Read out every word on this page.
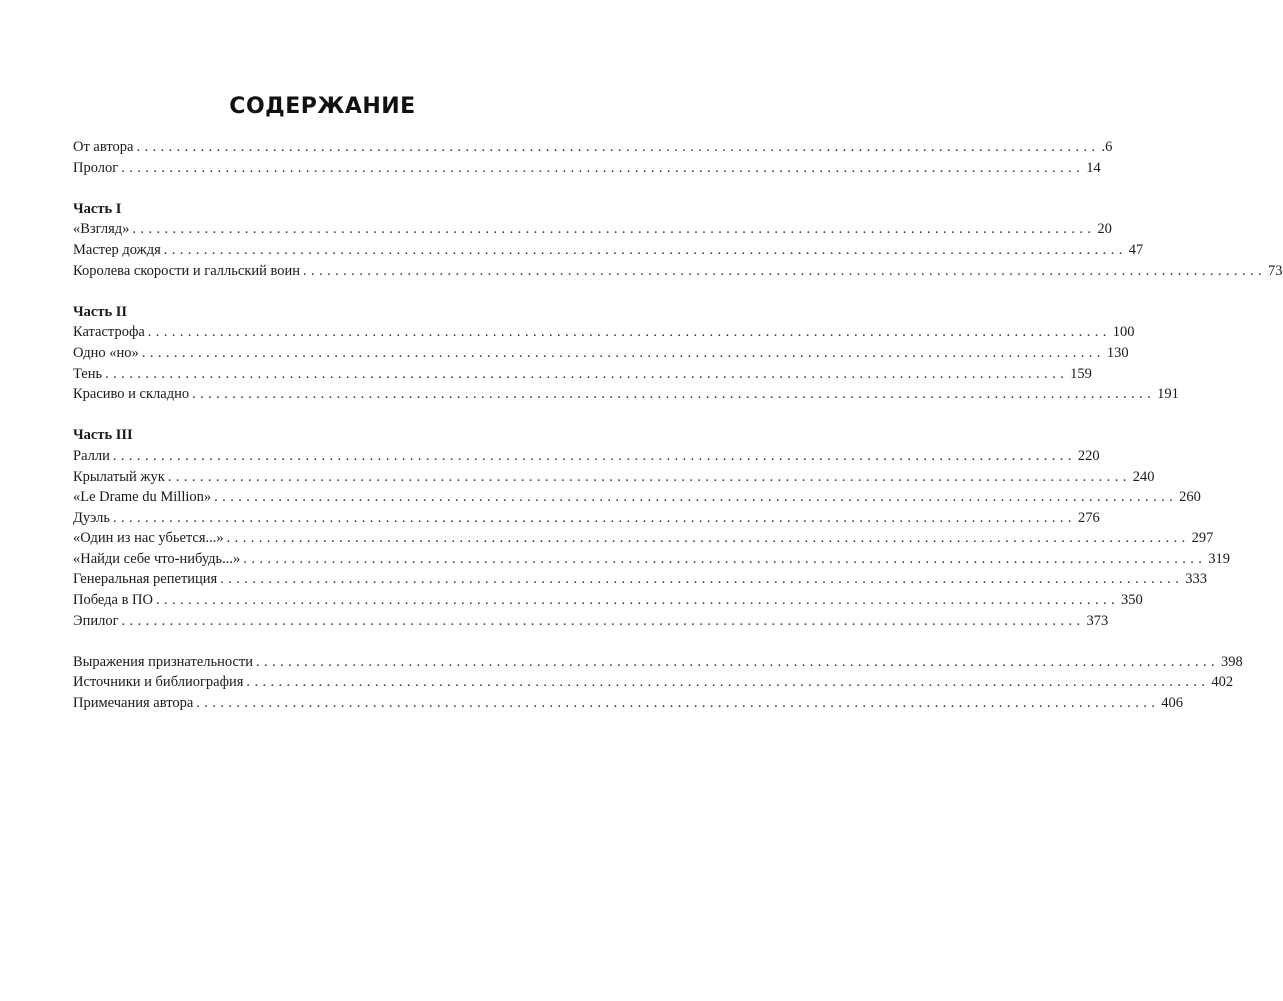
СОДЕРЖАНИЕ
От автора ........................................................................................................................ .6
Пролог ........................................................................................................................ 14
Часть I
«Взгляд» ........................................................................................................................ 20
Мастер дождя ........................................................................................................................ 47
Королева скорости и галльский воин ........................................................................................................................ 73
Часть II
Катастрофа ........................................................................................................................ 100
Одно «но» ........................................................................................................................ 130
Тень ........................................................................................................................ 159
Красиво и складно ........................................................................................................................ 191
Часть III
Ралли ........................................................................................................................ 220
Крылатый жук ........................................................................................................................ 240
«Le Drame du Million» ........................................................................................................................ 260
Дуэль ........................................................................................................................ 276
«Один из нас убьется...» ........................................................................................................................ 297
«Найди себе что-нибудь...» ........................................................................................................................ 319
Генеральная репетиция ........................................................................................................................ 333
Победа в ПО ........................................................................................................................ 350
Эпилог ........................................................................................................................ 373
Выражения признательности ........................................................................................................................ 398
Источники и библиография ........................................................................................................................ 402
Примечания автора ........................................................................................................................ 406
